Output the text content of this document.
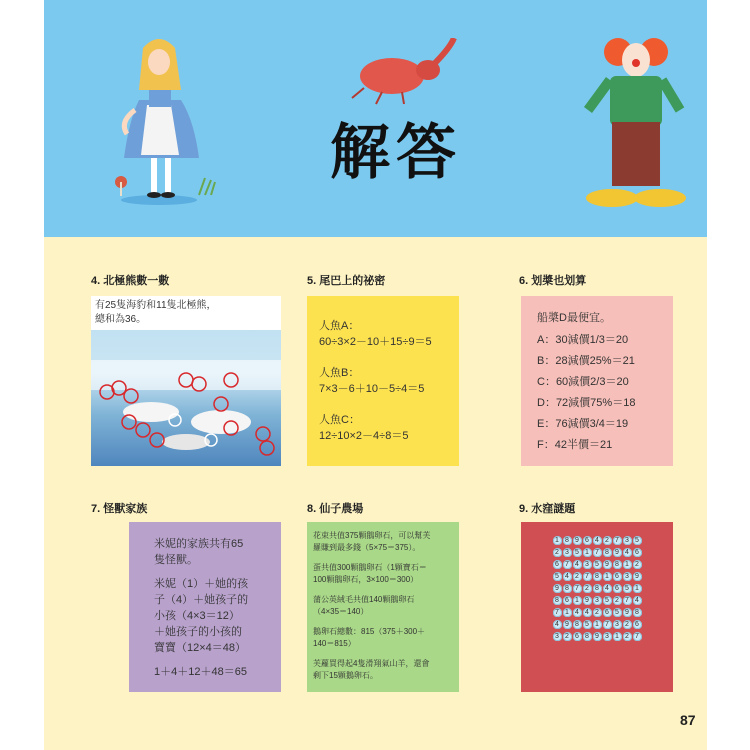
解答
4. 北極熊數一數
有25隻海豹和11隻北極熊，
總和為36。
5. 尾巴上的祕密
人魚A：
60÷3×2－10＋15÷9＝5
人魚B：
7×3－6＋10－5÷4＝5
人魚C：
12÷10×2－4÷8＝5
6. 划槳也划算
船槳D最便宜。
A：30減價1/3＝20
B：28減價25%＝21
C：60減價2/3＝20
D：72減價75%＝18
E：76減價3/4＝19
F：42半價＝21
7. 怪獸家族
米妮的家族共有65
隻怪獸。
米妮（1）＋她的孩
子（4）＋她孩子的
小孩（4×3＝12）
＋她孩子的小孩的
寶寶（12×4＝48）
1＋4＋12＋48＝65
8. 仙子農場
花束共值375顆鵝卵石，可以幫芙
羅賺到最多錢（5×75＝375）。
蛋共值300顆鵝卵石（1顆寶石＝
100顆鵝卵石，3×100＝300）
蒲公英絨毛共值140顆鵝卵石
（4×35＝140）
鵝卵石總數：815（375＋300＋
140＝815）
芙蘿買得起4隻滑翔氣山羊，還會
剩下15顆鵝卵石。
9. 水窪謎題
1 8 9 6 4 2 7 3 5
2 3 5 1 7 8 9 4 6
6 7 4 3 5 9 8 1 2
5 4 2 7 8 1 6 3 9
9 8 7 2 8 4 6 5 1
8 6 1 9 3 5 2 7 4
7 1 4 4 2 6 5 9 8
4 9 8 5 1 7 3 2 6
3 2 6 8 9 3 1 2 7
87
